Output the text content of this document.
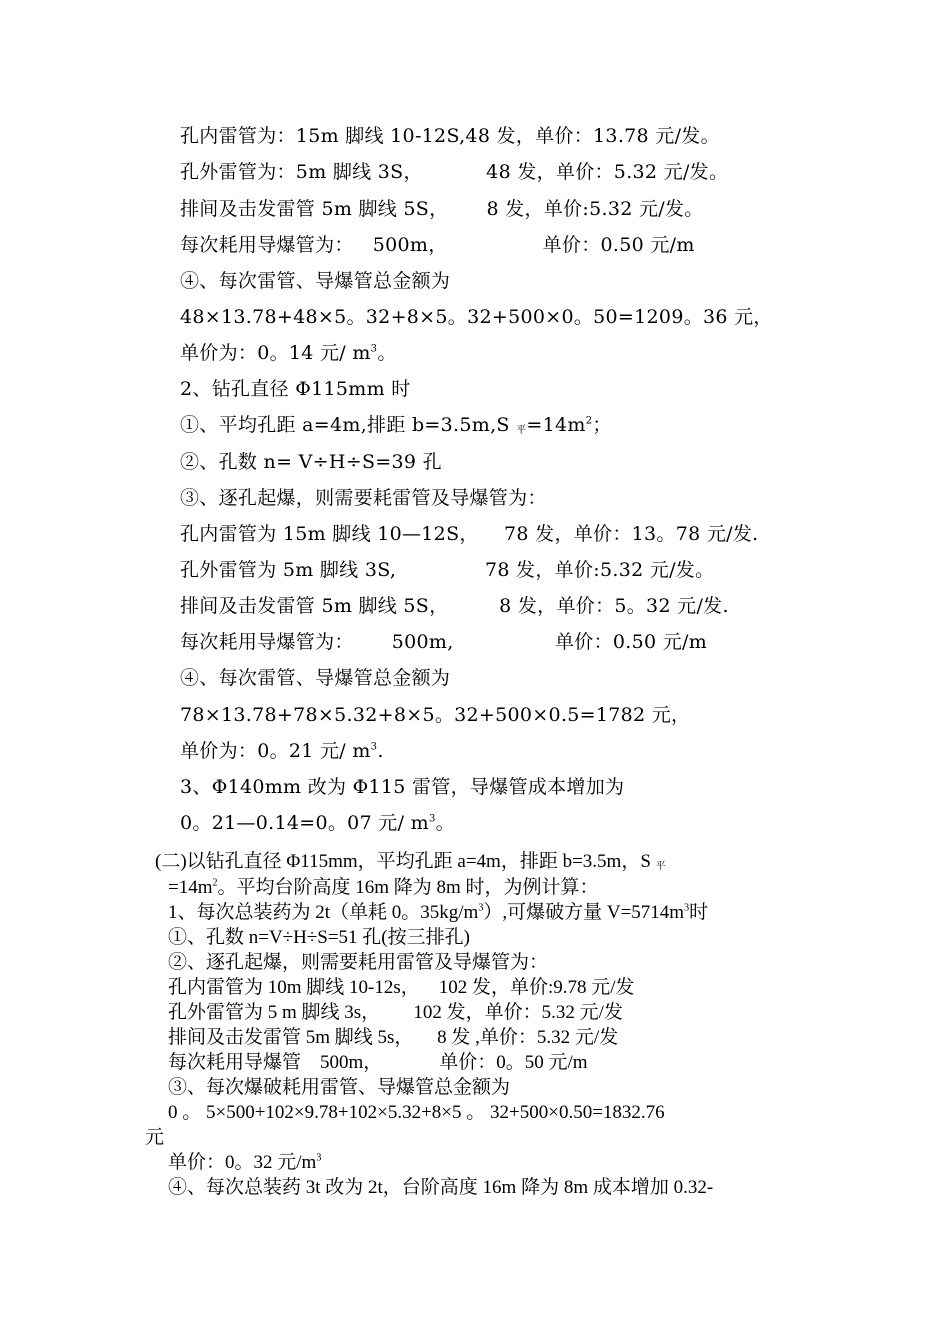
孔内雷管为：15m 脚线 10-12S,48 发，单价：13.78 元/发。
孔外雷管为：5m 脚线 3S，          48 发，单价：5.32 元/发。
排间及击发雷管 5m 脚线 5S，      8 发，单价:5.32 元/发。
每次耗用导爆管为：   500m，               单价：0.50 元/m
④、每次雷管、导爆管总金额为
48×13.78+48×5。32+8×5。32+500×0。50=1209。36 元，
单价为：0。14 元/ $m^3$。
2、钻孔直径 Φ115mm 时
①、平均孔距 a=4m,排距 b=3.5m,S $_平=14m^2$；
②、孔数 n= V÷H÷S=39 孔
③、逐孔起爆，则需要耗雷管及导爆管为：
孔内雷管为 15m 脚线 10—12S，    78 发，单价：13。78 元/发.
孔外雷管为 5m 脚线 3S,              78 发，单价:5.32 元/发。
排间及击发雷管 5m 脚线 5S，        8 发，单价：5。32 元/发.
每次耗用导爆管为：      500m,                单价：0.50 元/m
④、每次雷管、导爆管总金额为
78×13.78+78×5.32+8×5。32+500×0.5=1782 元，
单价为：0。21 元/ $m^3$.
3、Φ140mm 改为 Φ115 雷管，导爆管成本增加为
0。21—0.14=0。07 元/ $m^3$。
(二)以钻孔直径 Φ115mm，平均孔距 a=4m，排距 b=3.5m，S $_平$
$=14m^2$。平均台阶高度 16m 降为 8m 时，为例计算：
1、每次总装药为 2t（单耗 0。$35kg/m^3$）,可爆破方量 $V=5714m^3$时
①、孔数 n=V÷H÷S=51 孔(按三排孔)
②、逐孔起爆，则需要耗用雷管及导爆管为：
孔内雷管为 10m 脚线 10-12s，    102 发，单价:9.78 元/发
孔外雷管为 5 m 脚线 3s，       102 发，单价：5.32 元/发
排间及击发雷管 5m 脚线 5s，     8 发 ,单价：5.32 元/发
每次耗用导爆管    500m，            单价：0。50 元/m
③、每次爆破耗用雷管、导爆管总金额为
0 。 5×500+102×9.78+102×5.32+8×5 。 32+500×0.50=1832.76
元
单价：0。32 元$/m^3$
④、每次总装药 3t 改为 2t，台阶高度 16m 降为 8m 成本增加 0.32-
